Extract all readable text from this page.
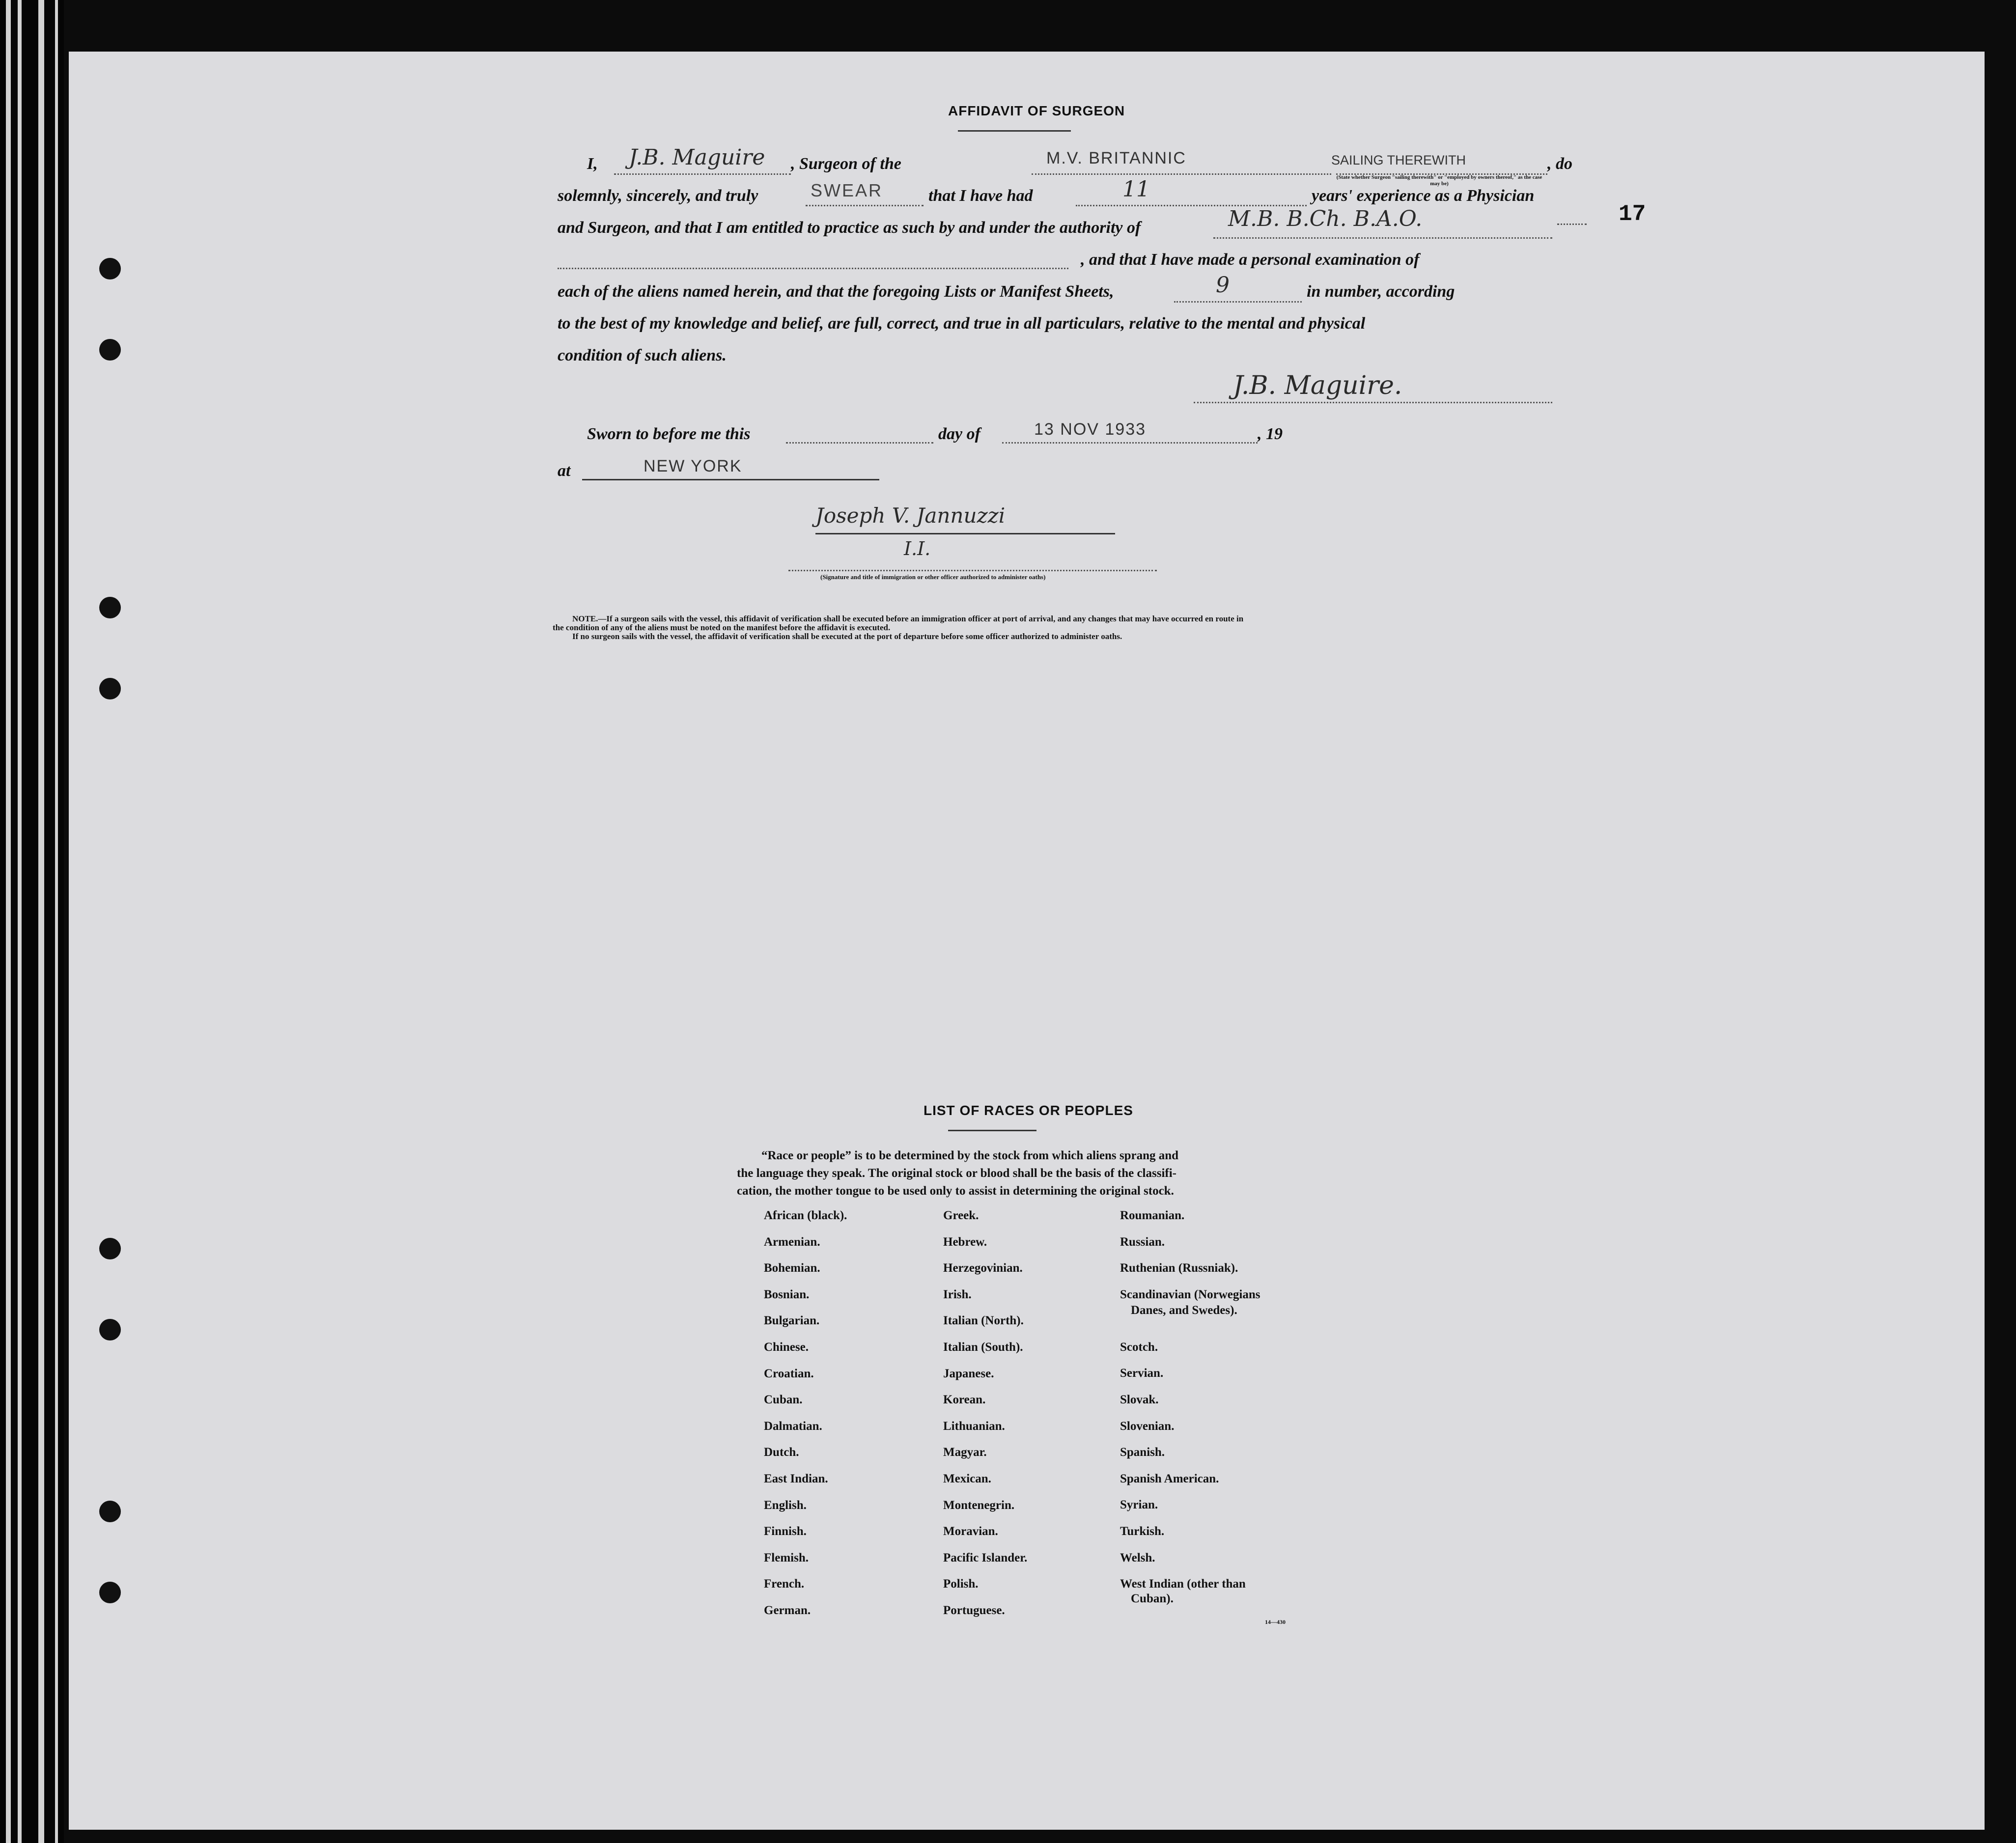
17
AFFIDAVIT OF SURGEON
I, J.B. Maguire , Surgeon of the	M.V. BRITANNIC	SAILING THEREWITH	, do
(State whether Surgeon "sailing therewith" or "employed by owners thereof," as the case may be)
solemnly, sincerely, and truly	SWEAR	that I have had	11	years' experience as a Physician
and Surgeon, and that I am entitled to practice as such by and under the authority of	M.B. B.Ch. B.A.O.
, and that I have made a personal examination of
each of the aliens named herein, and that the foregoing Lists or Manifest Sheets,	9	in number, according
to the best of my knowledge and belief, are full, correct, and true in all particulars, relative to the mental and physical
condition of such aliens.
J.B. Maguire.
Sworn to before me this	day of	13 NOV 1933	, 19
at	NEW YORK
Joseph V. Jannuzzi
I.I.
(Signature and title of immigration or other officer authorized to administer oaths)
NOTE.—If a surgeon sails with the vessel, this affidavit of verification shall be executed before an immigration officer at port of arrival, and any changes that may have occurred en route in
the condition of any of the aliens must be noted on the manifest before the affidavit is executed.
If no surgeon sails with the vessel, the affidavit of verification shall be executed at the port of departure before some officer authorized to administer oaths.
LIST OF RACES OR PEOPLES
“Race or people” is to be determined by the stock from which aliens sprang and
the language they speak. The original stock or blood shall be the basis of the classifi-
cation, the mother tongue to be used only to assist in determining the original stock.
African (black).
Armenian.
Bohemian.
Bosnian.
Bulgarian.
Chinese.
Croatian.
Cuban.
Dalmatian.
Dutch.
East Indian.
English.
Finnish.
Flemish.
French.
German.
Greek.
Hebrew.
Herzegovinian.
Irish.
Italian (North).
Italian (South).
Japanese.
Korean.
Lithuanian.
Magyar.
Mexican.
Montenegrin.
Moravian.
Pacific Islander.
Polish.
Portuguese.
Roumanian.
Russian.
Ruthenian (Russniak).
Scandinavian (Norwegians
Danes, and Swedes).
Scotch.
Servian.
Slovak.
Slovenian.
Spanish.
Spanish American.
Syrian.
Turkish.
Welsh.
West Indian (other than
Cuban).
14—430
